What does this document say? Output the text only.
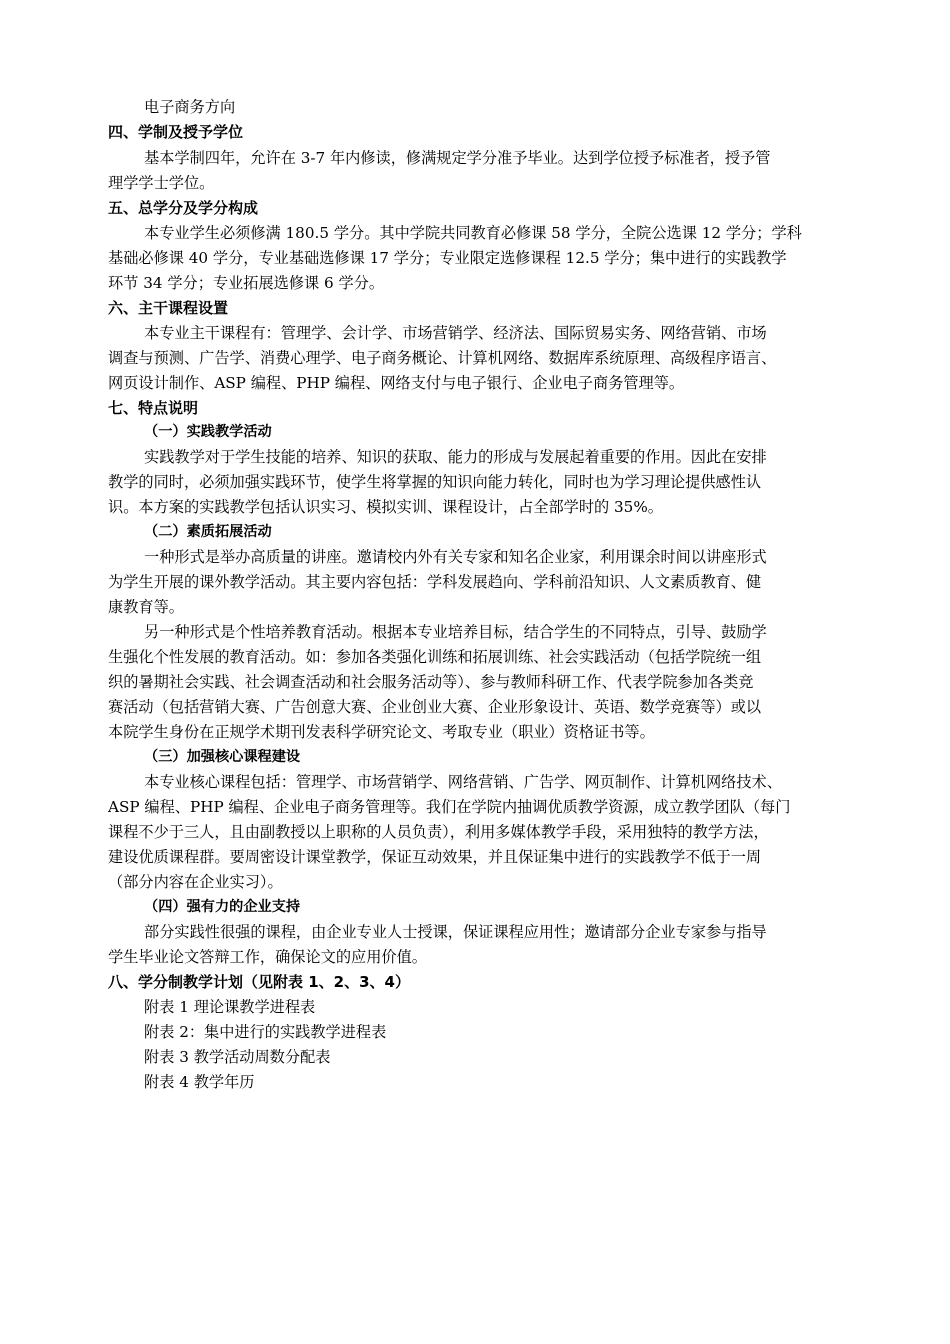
电子商务方向
四、学制及授予学位
基本学制四年，允许在 3-7 年内修读，修满规定学分准予毕业。达到学位授予标准者，授予管
理学学士学位。
五、总学分及学分构成
本专业学生必须修满 180.5 学分。其中学院共同教育必修课 58 学分，全院公选课 12 学分；学科
基础必修课 40 学分，专业基础选修课 17 学分；专业限定选修课程 12.5 学分；集中进行的实践教学
环节 34 学分；专业拓展选修课 6 学分。
六、主干课程设置
本专业主干课程有：管理学、会计学、市场营销学、经济法、国际贸易实务、网络营销、市场
调查与预测、广告学、消费心理学、电子商务概论、计算机网络、数据库系统原理、高级程序语言、
网页设计制作、ASP 编程、PHP 编程、网络支付与电子银行、企业电子商务管理等。
七、特点说明
（一）实践教学活动
实践教学对于学生技能的培养、知识的获取、能力的形成与发展起着重要的作用。因此在安排
教学的同时，必须加强实践环节，使学生将掌握的知识向能力转化，同时也为学习理论提供感性认
识。本方案的实践教学包括认识实习、模拟实训、课程设计，占全部学时的 35%。
（二）素质拓展活动
一种形式是举办高质量的讲座。邀请校内外有关专家和知名企业家，利用课余时间以讲座形式
为学生开展的课外教学活动。其主要内容包括：学科发展趋向、学科前沿知识、人文素质教育、健
康教育等。
另一种形式是个性培养教育活动。根据本专业培养目标，结合学生的不同特点，引导、鼓励学
生强化个性发展的教育活动。如：参加各类强化训练和拓展训练、社会实践活动（包括学院统一组
织的暑期社会实践、社会调查活动和社会服务活动等）、参与教师科研工作、代表学院参加各类竞
赛活动（包括营销大赛、广告创意大赛、企业创业大赛、企业形象设计、英语、数学竞赛等）或以
本院学生身份在正规学术期刊发表科学研究论文、考取专业（职业）资格证书等。
（三）加强核心课程建设
本专业核心课程包括：管理学、市场营销学、网络营销、广告学、网页制作、计算机网络技术、
ASP 编程、PHP 编程、企业电子商务管理等。我们在学院内抽调优质教学资源，成立教学团队（每门
课程不少于三人，且由副教授以上职称的人员负责），利用多媒体教学手段，采用独特的教学方法，
建设优质课程群。要周密设计课堂教学，保证互动效果，并且保证集中进行的实践教学不低于一周
（部分内容在企业实习）。
（四）强有力的企业支持
部分实践性很强的课程，由企业专业人士授课，保证课程应用性；邀请部分企业专家参与指导
学生毕业论文答辩工作，确保论文的应用价值。
八、学分制教学计划（见附表 1、2、3、4）
附表 1 理论课教学进程表
附表 2：集中进行的实践教学进程表
附表 3 教学活动周数分配表
附表 4 教学年历
